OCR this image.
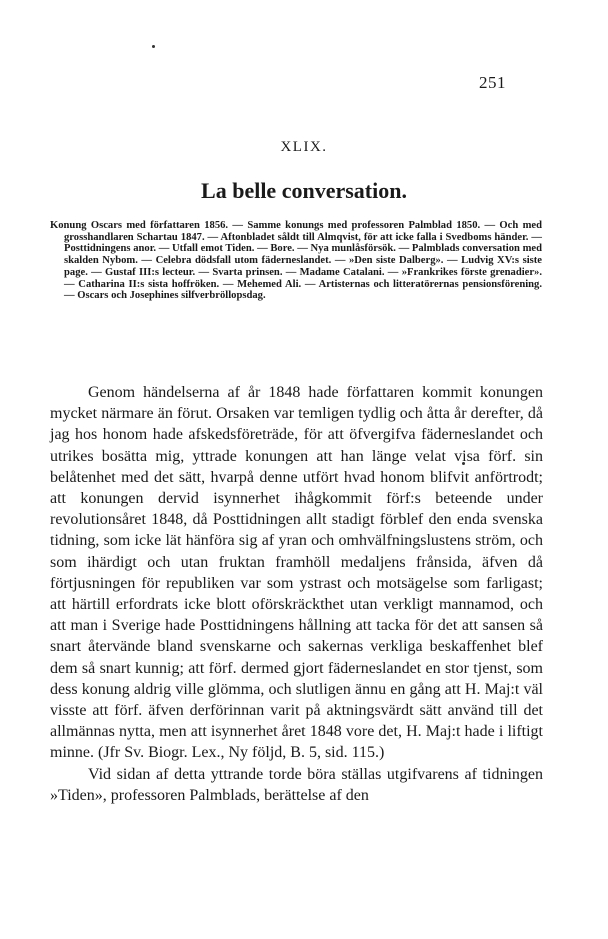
251
XLIX.
La belle conversation.
Konung Oscars med författaren 1856. — Samme konungs med professoren Palmblad 1850. — Och med grosshandlaren Schartau 1847. — Aftonbladet såldt till Almqvist, för att icke falla i Svedboms händer. — Posttidningens anor. — Utfall emot Tiden. — Bore. — Nya munlåsförsök. — Palmblads conversation med skalden Nybom. — Celebra dödsfall utom fäderneslandet. — »Den siste Dalberg». — Ludvig XV:s siste page. — Gustaf III:s lecteur. — Svarta prinsen. — Madame Catalani. — »Frankrikes förste grenadier». — Catharina II:s sista hoffröken. — Mehemed Ali. — Artisternas och litteratörernas pensionsförening. — Oscars och Josephines silfverbröllopsdag.

Genom händelserna af år 1848 hade författaren kommit konungen mycket närmare än förut. Orsaken var temligen tydlig och åtta år derefter, då jag hos honom hade afskedsföreträde, för att öfvergifva fäderneslandet och utrikes bosätta mig, yttrade konungen att han länge velat visa förf. sin belåtenhet med det sätt, hvarpå denne utfört hvad honom blifvit anförtrodt; att konungen dervid isynnerhet ihågkommit förf:s beteende under revolutionsåret 1848, då Posttidningen allt stadigt förblef den enda svenska tidning, som icke lät hänföra sig af yran och omhvälfningslustens ström, och som ihärdigt och utan fruktan framhöll medaljens frånsida, äfven då förtjusningen för republiken var som ystrast och motsägelse som farligast; att härtill erfordrats icke blott oförskräckthet utan verkligt mannamod, och att man i Sverige hade Posttidningens hållning att tacka för det att sansen så snart återvände bland svenskarne och sakernas verkliga beskaffenhet blef dem så snart kunnig; att förf. dermed gjort fäderneslandet en stor tjenst, som dess konung aldrig ville glömma, och slutligen ännu en gång att H. Maj:t väl visste att förf. äfven derförinnan varit på aktningsvärdt sätt använd till det allmännas nytta, men att isynnerhet året 1848 vore det, H. Maj:t hade i liftigt minne. (Jfr Sv. Biogr. Lex., Ny följd, B. 5, sid. 115.)

Vid sidan af detta yttrande torde böra ställas utgifvarens af tidningen »Tiden», professoren Palmblads, berättelse af den
